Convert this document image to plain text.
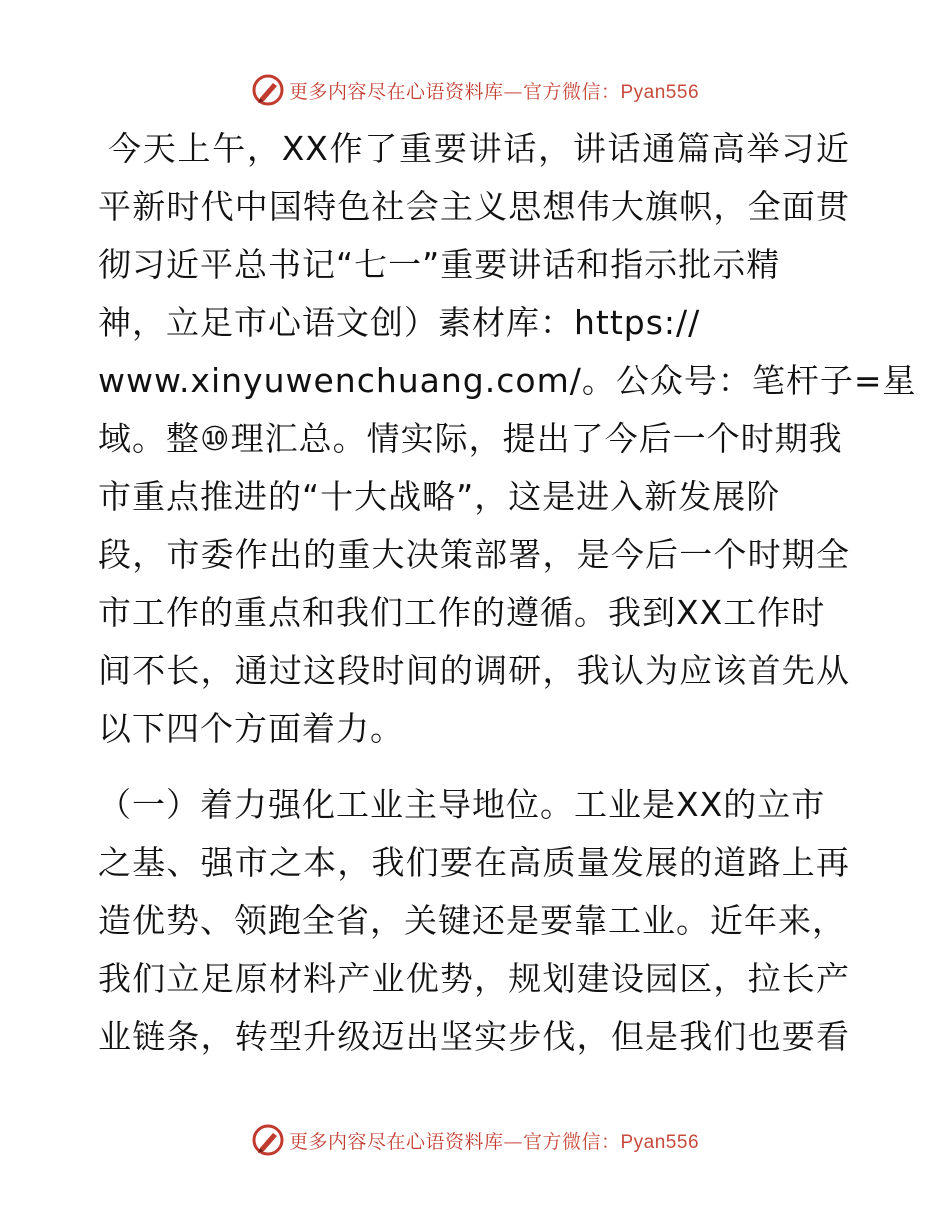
更多内容尽在心语资料库—官方微信：Pyan556
今天上午，XX作了重要讲话，讲话通篇高举习近
平新时代中国特色社会主义思想伟大旗帜，全面贯
彻习近平总书记“七一”重要讲话和指示批示精
神，立足市心语文创）素材库：https://
www.xinyuwenchuang.com/。公众号：笔杆子=星
域。整⑩理汇总。情实际，提出了今后一个时期我
市重点推进的“十大战略”，这是进入新发展阶
段，市委作出的重大决策部署，是今后一个时期全
市工作的重点和我们工作的遵循。我到XX工作时
间不长，通过这段时间的调研，我认为应该首先从
以下四个方面着力。
（一）着力强化工业主导地位。工业是XX的立市
之基、强市之本，我们要在高质量发展的道路上再
造优势、领跑全省，关键还是要靠工业。近年来，
我们立足原材料产业优势，规划建设园区，拉长产
业链条，转型升级迈出坚实步伐，但是我们也要看
更多内容尽在心语资料库—官方微信：Pyan556
